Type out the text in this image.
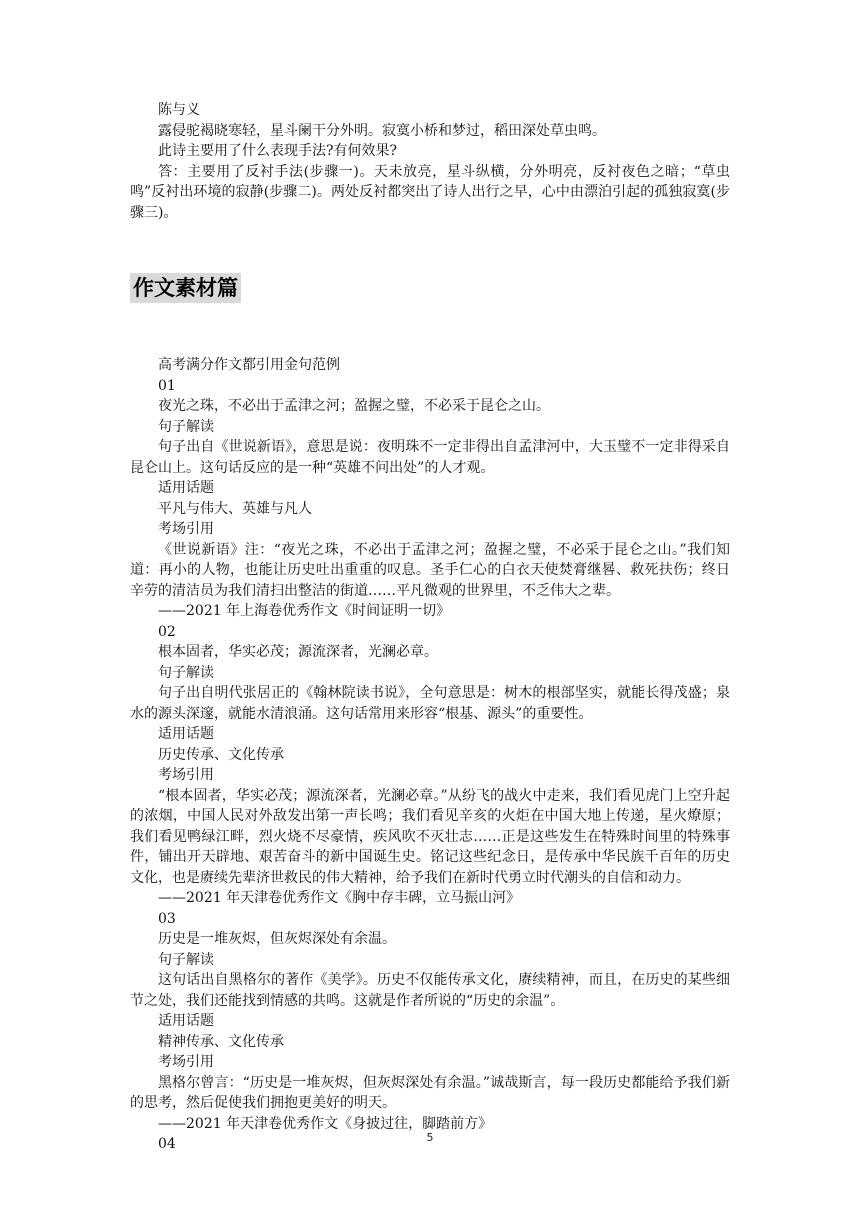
陈与义

露侵驼褐晓寒轻，星斗阑干分外明。寂寞小桥和梦过，稻田深处草虫鸣。

此诗主要用了什么表现手法?有何效果?

答：主要用了反衬手法(步骤一)。天未放亮，星斗纵横，分外明亮，反衬夜色之暗；“草虫鸣”反衬出环境的寂静(步骤二)。两处反衬都突出了诗人出行之早，心中由漂泊引起的孤独寂寞(步骤三)。

作文素材篇

高考满分作文都引用金句范例

01

夜光之珠，不必出于孟津之河；盈握之璧，不必采于昆仑之山。

句子解读

句子出自《世说新语》，意思是说：夜明珠不一定非得出自孟津河中，大玉璧不一定非得采自昆仑山上。这句话反应的是一种“英雄不问出处”的人才观。

适用话题

平凡与伟大、英雄与凡人

考场引用

《世说新语》注：“夜光之珠，不必出于孟津之河；盈握之璧，不必采于昆仑之山。”我们知道：再小的人物，也能让历史吐出重重的叹息。圣手仁心的白衣天使焚膏继晷、救死扶伤；终日辛劳的清洁员为我们清扫出整洁的街道……平凡微观的世界里，不乏伟大之辈。

——2021 年上海卷优秀作文《时间证明一切》

02

根本固者，华实必茂；源流深者，光澜必章。

句子解读

句子出自明代张居正的《翰林院读书说》，全句意思是：树木的根部坚实，就能长得茂盛；泉水的源头深邃，就能水清浪涌。这句话常用来形容“根基、源头”的重要性。

适用话题

历史传承、文化传承

考场引用

“根本固者，华实必茂；源流深者，光澜必章。”从纷飞的战火中走来，我们看见虎门上空升起的浓烟，中国人民对外敌发出第一声长鸣；我们看见辛亥的火炬在中国大地上传递，星火燎原；我们看见鸭绿江畔，烈火烧不尽豪情，疾风吹不灭壮志……正是这些发生在特殊时间里的特殊事件，铺出开天辟地、艰苦奋斗的新中国诞生史。铭记这些纪念日，是传承中华民族千百年的历史文化，也是赓续先辈济世救民的伟大精神，给予我们在新时代勇立时代潮头的自信和动力。

——2021 年天津卷优秀作文《胸中存丰碑，立马振山河》

03

历史是一堆灰烬，但灰烬深处有余温。

句子解读

这句话出自黑格尔的著作《美学》。历史不仅能传承文化，赓续精神，而且，在历史的某些细节之处，我们还能找到情感的共鸣。这就是作者所说的“历史的余温”。

适用话题

精神传承、文化传承

考场引用

黑格尔曾言：“历史是一堆灰烬，但灰烬深处有余温。”诚哉斯言，每一段历史都能给予我们新的思考，然后促使我们拥抱更美好的明天。

——2021 年天津卷优秀作文《身披过往，脚踏前方》

04	5
